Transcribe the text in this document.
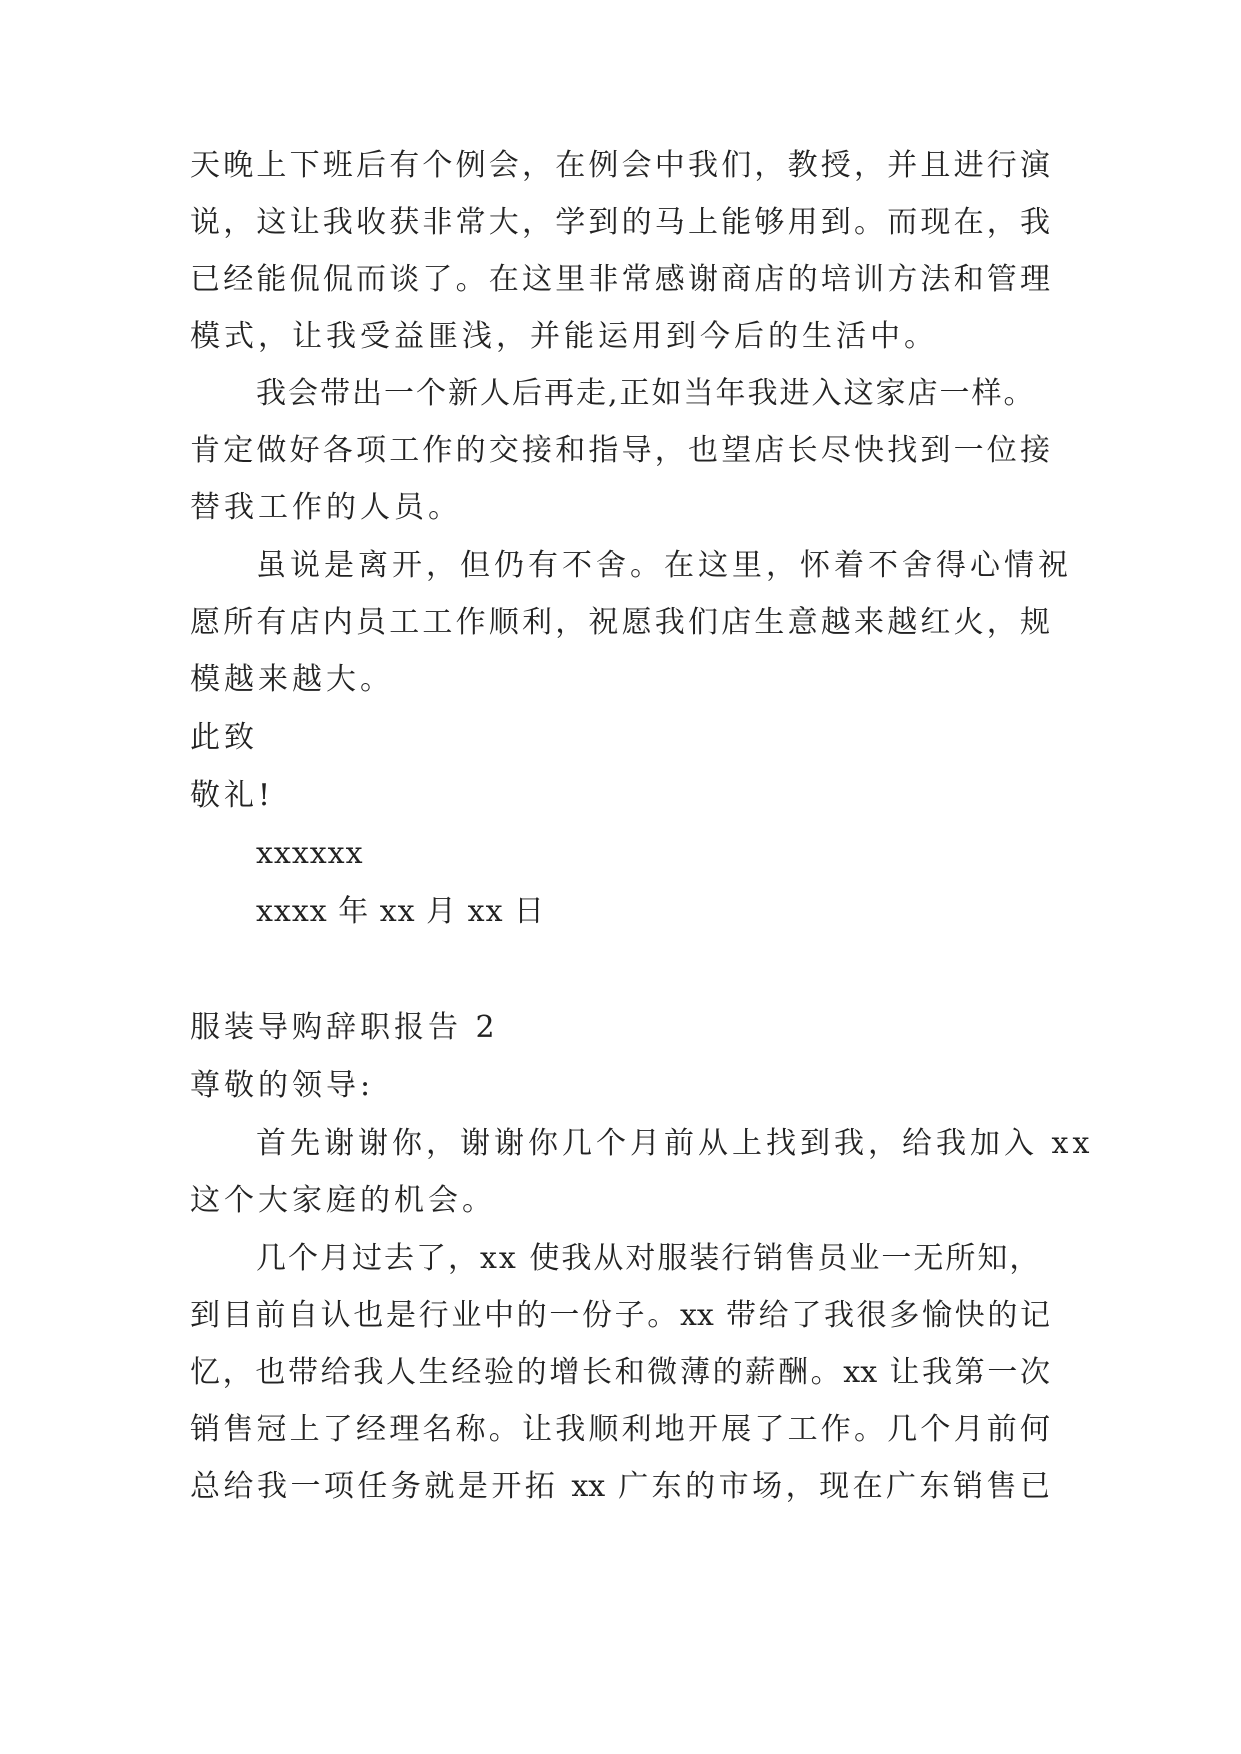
天晚上下班后有个例会，在例会中我们，教授，并且进行演
说，这让我收获非常大，学到的马上能够用到。而现在，我
已经能侃侃而谈了。在这里非常感谢商店的培训方法和管理
模式，让我受益匪浅，并能运用到今后的生活中。
我会带出一个新人后再走,正如当年我进入这家店一样。
肯定做好各项工作的交接和指导，也望店长尽快找到一位接
替我工作的人员。
虽说是离开，但仍有不舍。在这里，怀着不舍得心情祝
愿所有店内员工工作顺利，祝愿我们店生意越来越红火，规
模越来越大。
此致
敬礼!
xxxxxx
xxxx 年 xx 月 xx 日
服装导购辞职报告 2
尊敬的领导:
首先谢谢你，谢谢你几个月前从上找到我，给我加入 xx
这个大家庭的机会。
几个月过去了，xx 使我从对服装行销售员业一无所知，
到目前自认也是行业中的一份子。xx 带给了我很多愉快的记
忆，也带给我人生经验的增长和微薄的薪酬。xx 让我第一次
销售冠上了经理名称。让我顺利地开展了工作。几个月前何
总给我一项任务就是开拓 xx 广东的市场，现在广东销售已
